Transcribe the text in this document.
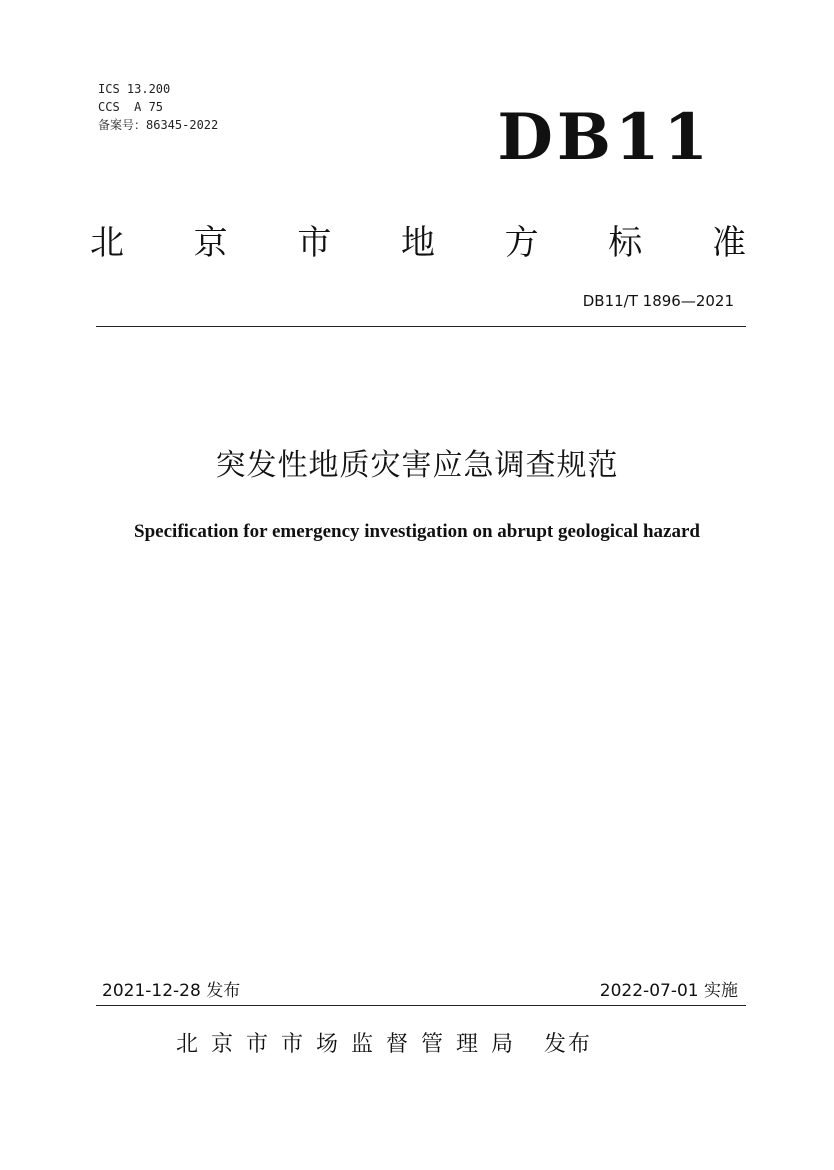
ICS 13.200
CCS  A 75
备案号：86345-2022	DB11
北 京 市 地 方 标 准
DB11/T 1896—2021
突发性地质灾害应急调查规范
Specification for emergency investigation on abrupt geological hazard
2021-12-28 发布	2022-07-01 实施
北京市市场监督管理局 发布
